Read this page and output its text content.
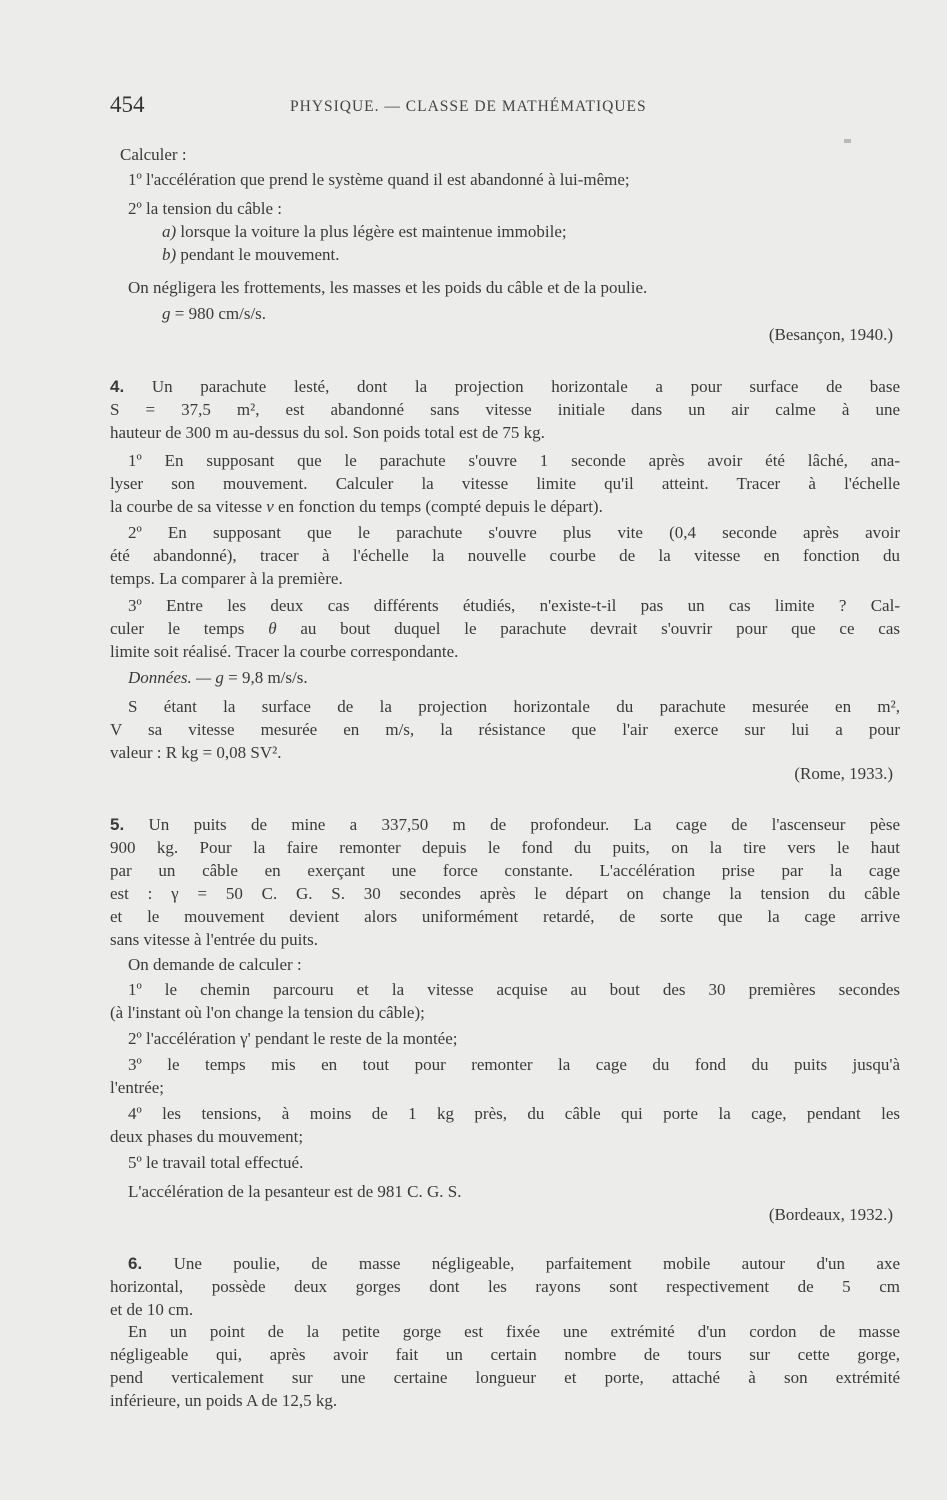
454	PHYSIQUE. — CLASSE DE MATHÉMATIQUES
Calculer :
1º l'accélération que prend le système quand il est abandonné à lui-même;
2º la tension du câble :
a) lorsque la voiture la plus légère est maintenue immobile;
b) pendant le mouvement.
On négligera les frottements, les masses et les poids du câble et de la poulie.
g = 980 cm/s/s.
(Besançon, 1940.)
4. Un parachute lesté, dont la projection horizontale a pour surface de base
S = 37,5 m², est abandonné sans vitesse initiale dans un air calme à une
hauteur de 300 m au-dessus du sol. Son poids total est de 75 kg.
1º En supposant que le parachute s'ouvre 1 seconde après avoir été lâché, ana-
lyser son mouvement. Calculer la vitesse limite qu'il atteint. Tracer à l'échelle
la courbe de sa vitesse v en fonction du temps (compté depuis le départ).
2º En supposant que le parachute s'ouvre plus vite (0,4 seconde après avoir
été abandonné), tracer à l'échelle la nouvelle courbe de la vitesse en fonction du
temps. La comparer à la première.
3º Entre les deux cas différents étudiés, n'existe-t-il pas un cas limite ? Cal-
culer le temps θ au bout duquel le parachute devrait s'ouvrir pour que ce cas
limite soit réalisé. Tracer la courbe correspondante.
Données. — g = 9,8 m/s/s.
S étant la surface de la projection horizontale du parachute mesurée en m²,
V sa vitesse mesurée en m/s, la résistance que l'air exerce sur lui a pour
valeur : R kg = 0,08 SV².
(Rome, 1933.)
5. Un puits de mine a 337,50 m de profondeur. La cage de l'ascenseur pèse
900 kg. Pour la faire remonter depuis le fond du puits, on la tire vers le haut
par un câble en exerçant une force constante. L'accélération prise par la cage
est : γ = 50 C. G. S. 30 secondes après le départ on change la tension du câble
et le mouvement devient alors uniformément retardé, de sorte que la cage arrive
sans vitesse à l'entrée du puits.
On demande de calculer :
1º le chemin parcouru et la vitesse acquise au bout des 30 premières secondes
(à l'instant où l'on change la tension du câble);
2º l'accélération γ' pendant le reste de la montée;
3º le temps mis en tout pour remonter la cage du fond du puits jusqu'à
l'entrée;
4º les tensions, à moins de 1 kg près, du câble qui porte la cage, pendant les
deux phases du mouvement;
5º le travail total effectué.
L'accélération de la pesanteur est de 981 C. G. S.
(Bordeaux, 1932.)
6. Une poulie, de masse négligeable, parfaitement mobile autour d'un axe
horizontal, possède deux gorges dont les rayons sont respectivement de 5 cm
et de 10 cm.
En un point de la petite gorge est fixée une extrémité d'un cordon de masse
négligeable qui, après avoir fait un certain nombre de tours sur cette gorge,
pend verticalement sur une certaine longueur et porte, attaché à son extrémité
inférieure, un poids A de 12,5 kg.
